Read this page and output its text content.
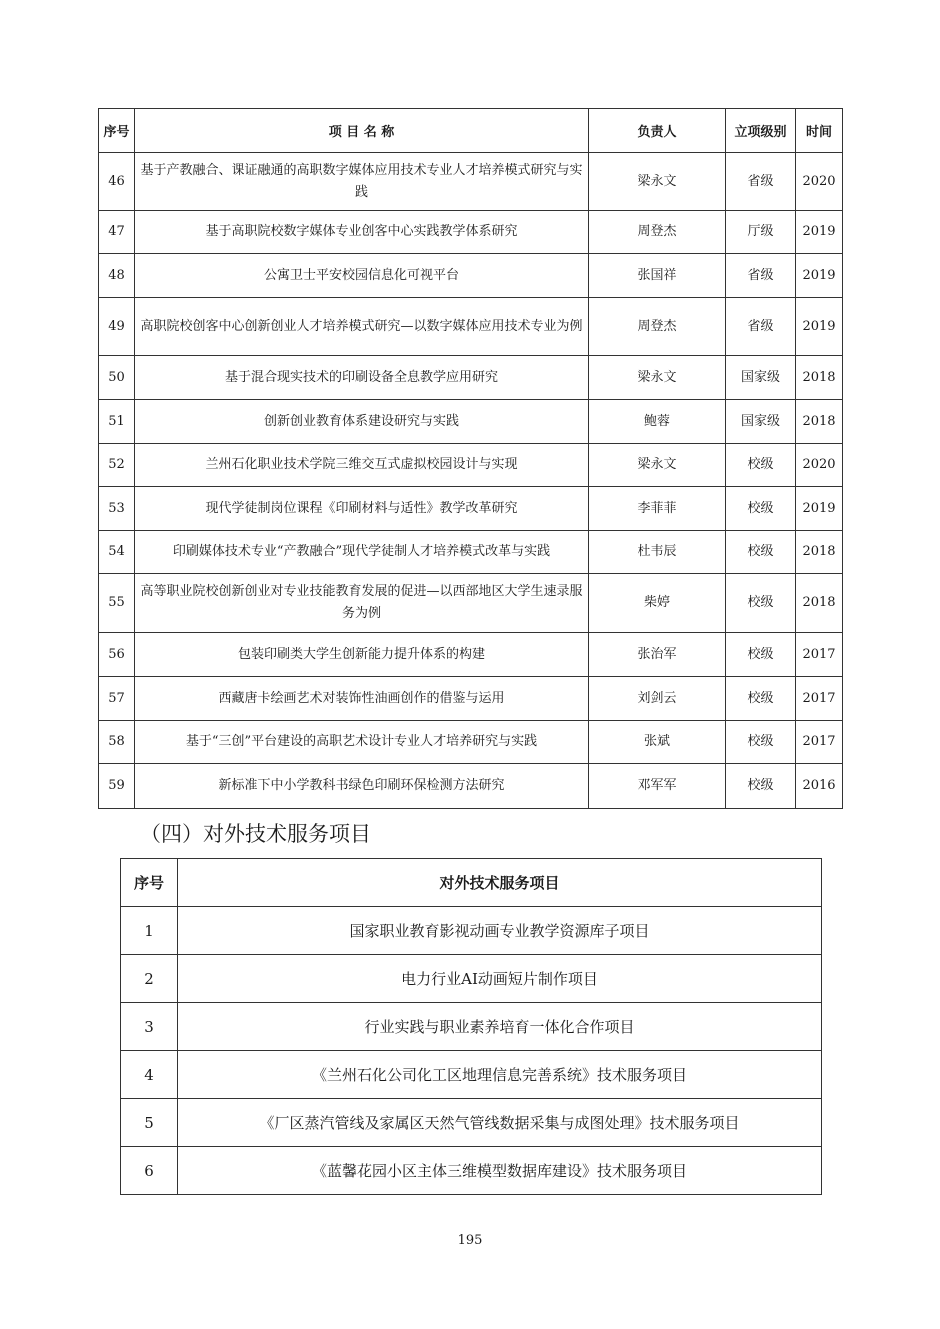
序号	项 目 名 称	负责人	立项级别	时间
46	基于产教融合、课证融通的高职数字媒体应用技术专业人才培养模式研究与实践	梁永文	省级	2020
47	基于高职院校数字媒体专业创客中心实践教学体系研究	周登杰	厅级	2019
48	公寓卫士平安校园信息化可视平台	张国祥	省级	2019
49	高职院校创客中心创新创业人才培养模式研究—以数字媒体应用技术专业为例	周登杰	省级	2019
50	基于混合现实技术的印刷设备全息教学应用研究	梁永文	国家级	2018
51	创新创业教育体系建设研究与实践	鲍蓉	国家级	2018
52	兰州石化职业技术学院三维交互式虚拟校园设计与实现	梁永文	校级	2020
53	现代学徒制岗位课程《印刷材料与适性》教学改革研究	李菲菲	校级	2019
54	印刷媒体技术专业“产教融合”现代学徒制人才培养模式改革与实践	杜韦辰	校级	2018
55	高等职业院校创新创业对专业技能教育发展的促进—以西部地区大学生速录服务为例	柴婷	校级	2018
56	包装印刷类大学生创新能力提升体系的构建	张治军	校级	2017
57	西藏唐卡绘画艺术对装饰性油画创作的借鉴与运用	刘剑云	校级	2017
58	基于“三创”平台建设的高职艺术设计专业人才培养研究与实践	张斌	校级	2017
59	新标准下中小学教科书绿色印刷环保检测方法研究	邓军军	校级	2016
（四）对外技术服务项目
序号	对外技术服务项目
1	国家职业教育影视动画专业教学资源库子项目
2	电力行业AI动画短片制作项目
3	行业实践与职业素养培育一体化合作项目
4	《兰州石化公司化工区地理信息完善系统》技术服务项目
5	《厂区蒸汽管线及家属区天然气管线数据采集与成图处理》技术服务项目
6	《蓝馨花园小区主体三维模型数据库建设》技术服务项目
195
